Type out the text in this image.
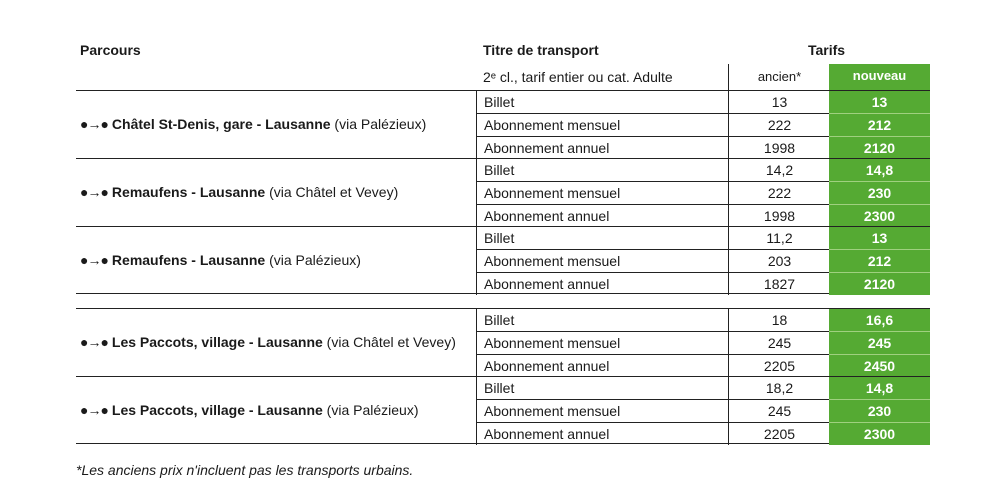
Parcours	Titre de transport	Tarifs
2ᵉ cl., tarif entier ou cat. Adulte	ancien*	nouveau
●→● Châtel St-Denis, gare - Lausanne (via Palézieux)
Billet	13	13
Abonnement mensuel	222	212
Abonnement annuel	1998	2120
●→● Remaufens - Lausanne (via Châtel et Vevey)
Billet	14,2	14,8
Abonnement mensuel	222	230
Abonnement annuel	1998	2300
●→● Remaufens - Lausanne (via Palézieux)
Billet	11,2	13
Abonnement mensuel	203	212
Abonnement annuel	1827	2120
●→● Les Paccots, village - Lausanne (via Châtel et Vevey)
Billet	18	16,6
Abonnement mensuel	245	245
Abonnement annuel	2205	2450
●→● Les Paccots, village - Lausanne (via Palézieux)
Billet	18,2	14,8
Abonnement mensuel	245	230
Abonnement annuel	2205	2300
*Les anciens prix n'incluent pas les transports urbains.
